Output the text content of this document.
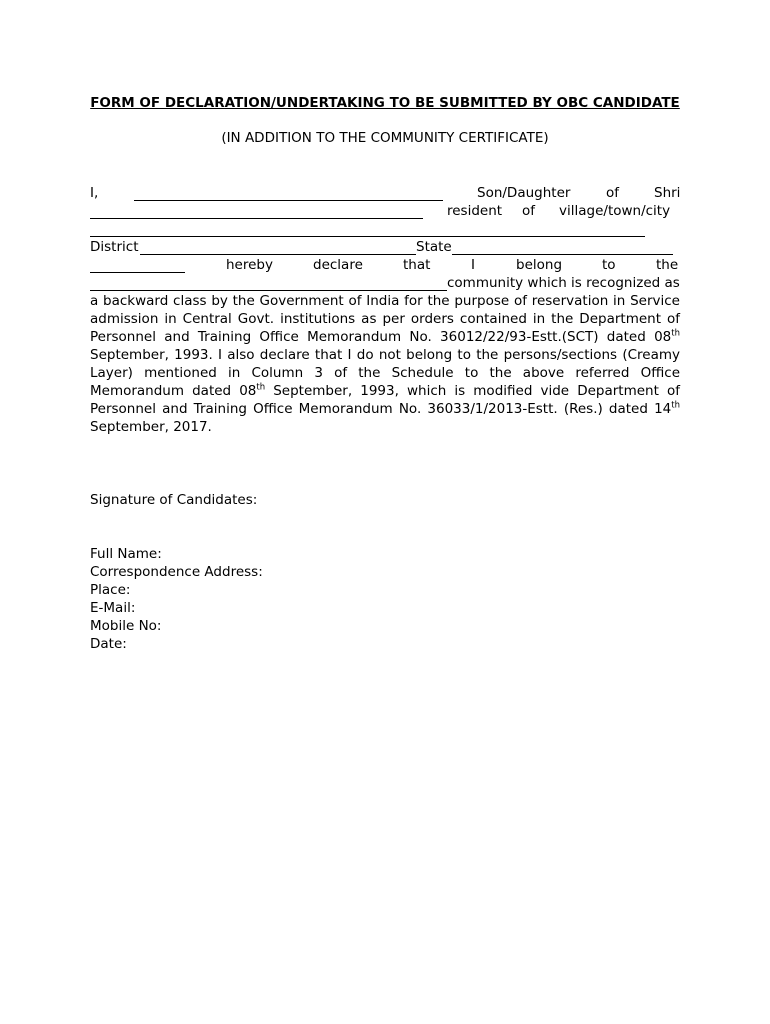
FORM OF DECLARATION/UNDERTAKING TO BE SUBMITTED BY OBC CANDIDATE
(IN ADDITION TO THE COMMUNITY CERTIFICATE)
I,	Son/Daughter	of	Shri
resident of village/town/city
District	State
hereby	declare	that	I	belong	to	the
community which is recognized as
a backward class by the Government of India for the purpose of reservation in Service
admission in Central Govt. institutions as per orders contained in the Department of
Personnel and Training Office Memorandum No. 36012/22/93-Estt.(SCT) dated 08th
September, 1993. I also declare that I do not belong to the persons/sections (Creamy
Layer) mentioned in Column 3 of the Schedule to the above referred Office
Memorandum dated 08th September, 1993, which is modified vide Department of
Personnel and Training Office Memorandum No. 36033/1/2013-Estt. (Res.) dated 14th
September, 2017.
Signature of Candidates:
Full Name:
Correspondence Address:
Place:
E-Mail:
Mobile No:
Date:
